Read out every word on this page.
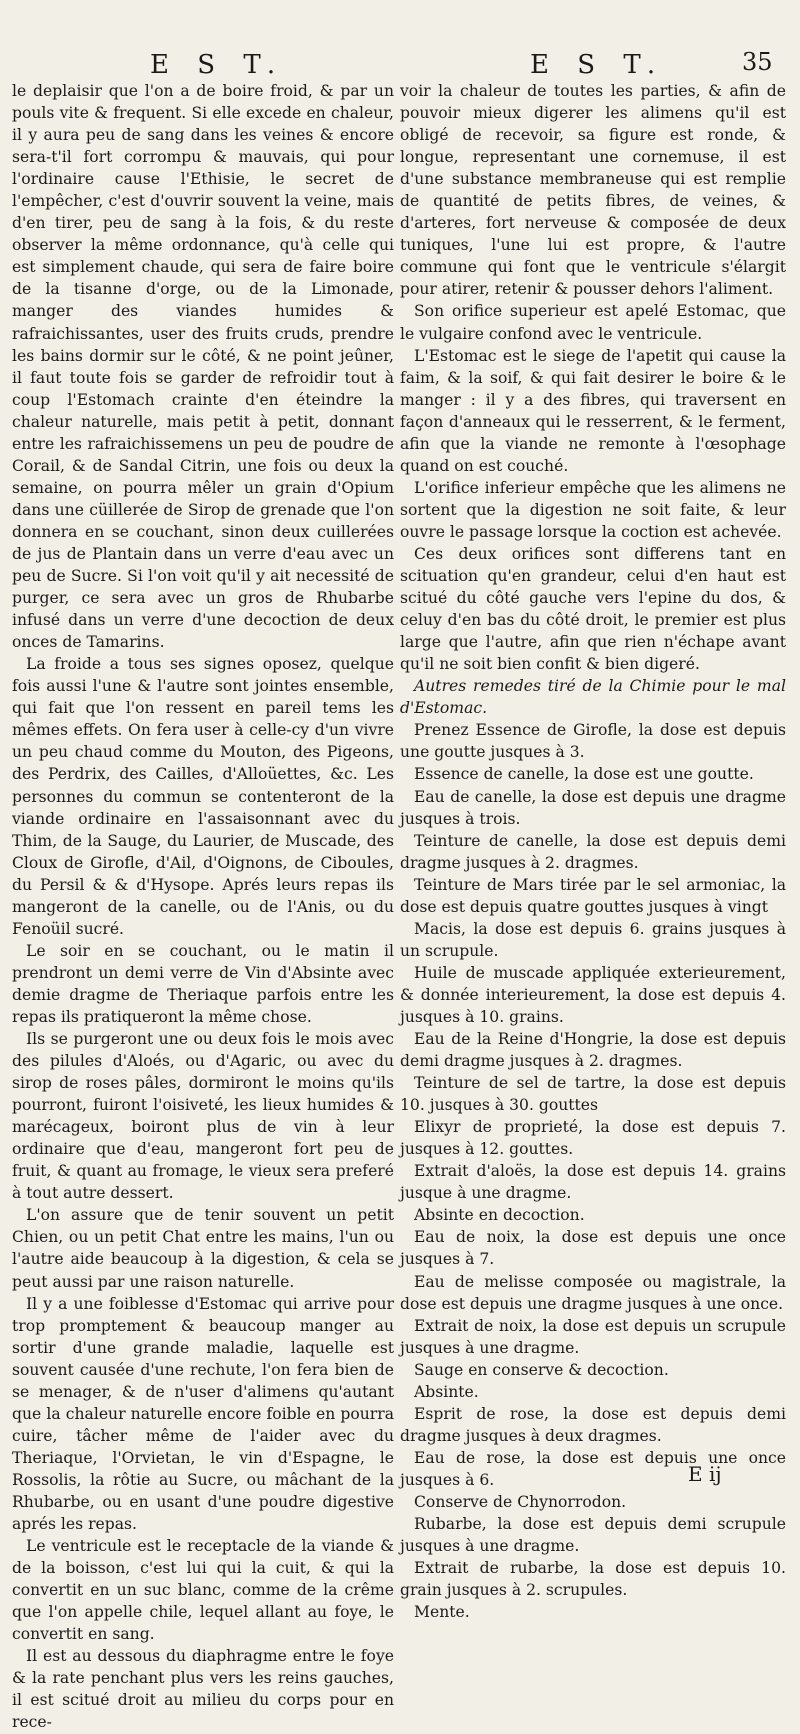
E S T.	E S T.	35

le deplaisir que l'on a de boire froid, & par un pouls vite & frequent. Si elle excede en chaleur, il y aura peu de sang dans les veines & encore sera-t'il fort corrompu & mauvais, qui pour l'ordinaire cause l'Ethisie, le secret de l'empêcher, c'est d'ouvrir souvent la veine, mais d'en tirer, peu de sang à la fois, & du reste observer la même ordonnance, qu'à celle qui est simplement chaude, qui sera de faire boire de la tisanne d'orge, ou de la Limonade, manger des viandes humides & rafraichissantes, user des fruits cruds, prendre les bains dormir sur le côté, & ne point jeûner, il faut toute fois se garder de refroidir tout à coup l'Estomach crainte d'en éteindre la chaleur naturelle, mais petit à petit, donnant entre les rafraichissemens un peu de poudre de Corail, & de Sandal Citrin, une fois ou deux la semaine, on pourra mêler un grain d'Opium dans une cüillerée de Sirop de grenade que l'on donnera en se couchant, sinon deux cuillerées de jus de Plantain dans un verre d'eau avec un peu de Sucre. Si l'on voit qu'il y ait necessité de purger, ce sera avec un gros de Rhubarbe infusé dans un verre d'une decoction de deux onces de Tamarins.

La froide a tous ses signes oposez, quelque fois aussi l'une & l'autre sont jointes ensemble, qui fait que l'on ressent en pareil tems les mêmes effets. On fera user à celle-cy d'un vivre un peu chaud comme du Mouton, des Pigeons, des Perdrix, des Cailles, d'Alloüettes, &c. Les personnes du commun se contenteront de la viande ordinaire en l'assaisonnant avec du Thim, de la Sauge, du Laurier, de Muscade, des Cloux de Girofle, d'Ail, d'Oignons, de Ciboules, du Persil & & d'Hysope. Aprés leurs repas ils mangeront de la canelle, ou de l'Anis, ou du Fenoüil sucré.

Le soir en se couchant, ou le matin il prendront un demi verre de Vin d'Absinte avec demie dragme de Theriaque parfois entre les repas ils pratiqueront la même chose.

Ils se purgeront une ou deux fois le mois avec des pilules d'Aloés, ou d'Agaric, ou avec du sirop de roses pâles, dormiront le moins qu'ils pourront, fuiront l'oisiveté, les lieux humides & marécageux, boiront plus de vin à leur ordinaire que d'eau, mangeront fort peu de fruit, & quant au fromage, le vieux sera preferé à tout autre dessert.

L'on assure que de tenir souvent un petit Chien, ou un petit Chat entre les mains, l'un ou l'autre aide beaucoup à la digestion, & cela se peut aussi par une raison naturelle.

Il y a une foiblesse d'Estomac qui arrive pour trop promptement & beaucoup manger au sortir d'une grande maladie, laquelle est souvent causée d'une rechute, l'on fera bien de se menager, & de n'user d'alimens qu'autant que la chaleur naturelle encore foible en pourra cuire, tâcher même de l'aider avec du Theriaque, l'Orvietan, le vin d'Espagne, le Rossolis, la rôtie au Sucre, ou mâchant de la Rhubarbe, ou en usant d'une poudre digestive aprés les repas.

Le ventricule est le receptacle de la viande & de la boisson, c'est lui qui la cuit, & qui la convertit en un suc blanc, comme de la crême que l'on appelle chile, lequel allant au foye, le convertit en sang.

Il est au dessous du diaphragme entre le foye & la rate penchant plus vers les reins gauches, il est scitué droit au milieu du corps pour en rece-

voir la chaleur de toutes les parties, & afin de pouvoir mieux digerer les alimens qu'il est obligé de recevoir, sa figure est ronde, & longue, representant une cornemuse, il est d'une substance membraneuse qui est remplie de quantité de petits fibres, de veines, & d'arteres, fort nerveuse & composée de deux tuniques, l'une lui est propre, & l'autre commune qui font que le ventricule s'élargit pour atirer, retenir & pousser dehors l'aliment.

Son orifice superieur est apelé Estomac, que le vulgaire confond avec le ventricule.

L'Estomac est le siege de l'apetit qui cause la faim, & la soif, & qui fait desirer le boire & le manger : il y a des fibres, qui traversent en façon d'anneaux qui le resserrent, & le ferment, afin que la viande ne remonte à l'œsophage quand on est couché.

L'orifice inferieur empêche que les alimens ne sortent que la digestion ne soit faite, & leur ouvre le passage lorsque la coction est achevée.

Ces deux orifices sont differens tant en scituation qu'en grandeur, celui d'en haut est scitué du côté gauche vers l'epine du dos, & celuy d'en bas du côté droit, le premier est plus large que l'autre, afin que rien n'échape avant qu'il ne soit bien confit & bien digeré.

Autres remedes tiré de la Chimie pour le mal d'Estomac.

Prenez Essence de Girofle, la dose est depuis une goutte jusques à 3.

Essence de canelle, la dose est une goutte.

Eau de canelle, la dose est depuis une dragme jusques à trois.

Teinture de canelle, la dose est depuis demi dragme jusques à 2. dragmes.

Teinture de Mars tirée par le sel armoniac, la dose est depuis quatre gouttes jusques à vingt

Macis, la dose est depuis 6. grains jusques à un scrupule.

Huile de muscade appliquée exterieurement, & donnée interieurement, la dose est depuis 4. jusques à 10. grains.

Eau de la Reine d'Hongrie, la dose est depuis demi dragme jusques à 2. dragmes.

Teinture de sel de tartre, la dose est depuis 10. jusques à 30. gouttes

Elixyr de proprieté, la dose est depuis 7. jusques à 12. gouttes.

Extrait d'aloës, la dose est depuis 14. grains jusque à une dragme.

Absinte en decoction.

Eau de noix, la dose est depuis une once jusques à 7.

Eau de melisse composée ou magistrale, la dose est depuis une dragme jusques à une once.

Extrait de noix, la dose est depuis un scrupule jusques à une dragme.

Sauge en conserve & decoction.

Absinte.

Esprit de rose, la dose est depuis demi dragme jusques à deux dragmes.

Eau de rose, la dose est depuis une once jusques à 6.

Conserve de Chynorrodon.

Rubarbe, la dose est depuis demi scrupule jusques à une dragme.

Extrait de rubarbe, la dose est depuis 10. grain jusques à 2. scrupules.

Mente.

E ij
